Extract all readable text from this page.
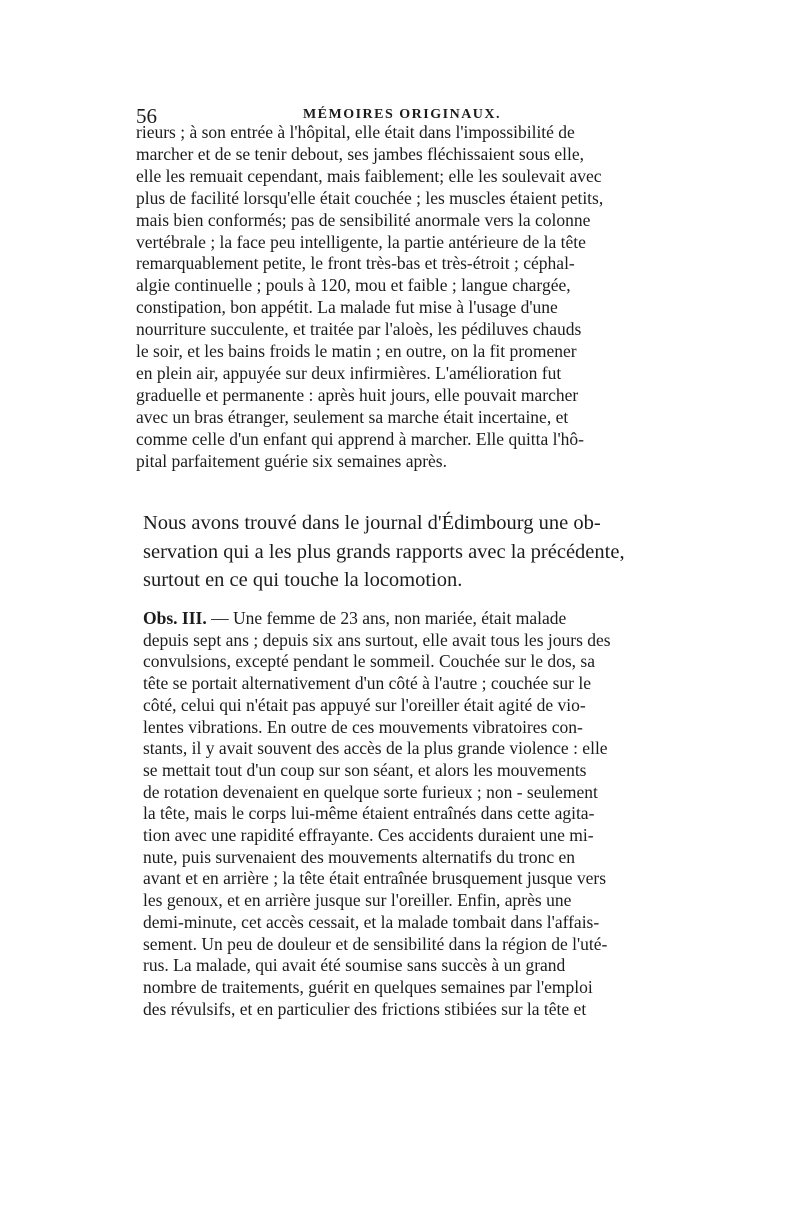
56	MÉMOIRES ORIGINAUX.
rieurs ; à son entrée à l'hôpital, elle était dans l'impossibilité de
marcher et de se tenir debout, ses jambes fléchissaient sous elle,
elle les remuait cependant, mais faiblement; elle les soulevait avec
plus de facilité lorsqu'elle était couchée ; les muscles étaient petits,
mais bien conformés; pas de sensibilité anormale vers la colonne
vertébrale ; la face peu intelligente, la partie antérieure de la tête
remarquablement petite, le front très-bas et très-étroit ; céphal-
algie continuelle ; pouls à 120, mou et faible ; langue chargée,
constipation, bon appétit. La malade fut mise à l'usage d'une
nourriture succulente, et traitée par l'aloès, les pédiluves chauds
le soir, et les bains froids le matin ; en outre, on la fit promener
en plein air, appuyée sur deux infirmières. L'amélioration fut
graduelle et permanente : après huit jours, elle pouvait marcher
avec un bras étranger, seulement sa marche était incertaine, et
comme celle d'un enfant qui apprend à marcher. Elle quitta l'hô-
pital parfaitement guérie six semaines après.
Nous avons trouvé dans le journal d'Édimbourg une ob-
servation qui a les plus grands rapports avec la précédente,
surtout en ce qui touche la locomotion.
Obs. III. — Une femme de 23 ans, non mariée, était malade
depuis sept ans ; depuis six ans surtout, elle avait tous les jours des
convulsions, excepté pendant le sommeil. Couchée sur le dos, sa
tête se portait alternativement d'un côté à l'autre ; couchée sur le
côté, celui qui n'était pas appuyé sur l'oreiller était agité de vio-
lentes vibrations. En outre de ces mouvements vibratoires con-
stants, il y avait souvent des accès de la plus grande violence : elle
se mettait tout d'un coup sur son séant, et alors les mouvements
de rotation devenaient en quelque sorte furieux ; non - seulement
la tête, mais le corps lui-même étaient entraînés dans cette agita-
tion avec une rapidité effrayante. Ces accidents duraient une mi-
nute, puis survenaient des mouvements alternatifs du tronc en
avant et en arrière ; la tête était entraînée brusquement jusque vers
les genoux, et en arrière jusque sur l'oreiller. Enfin, après une
demi-minute, cet accès cessait, et la malade tombait dans l'affais-
sement. Un peu de douleur et de sensibilité dans la région de l'uté-
rus. La malade, qui avait été soumise sans succès à un grand
nombre de traitements, guérit en quelques semaines par l'emploi
des révulsifs, et en particulier des frictions stibiées sur la tête et
